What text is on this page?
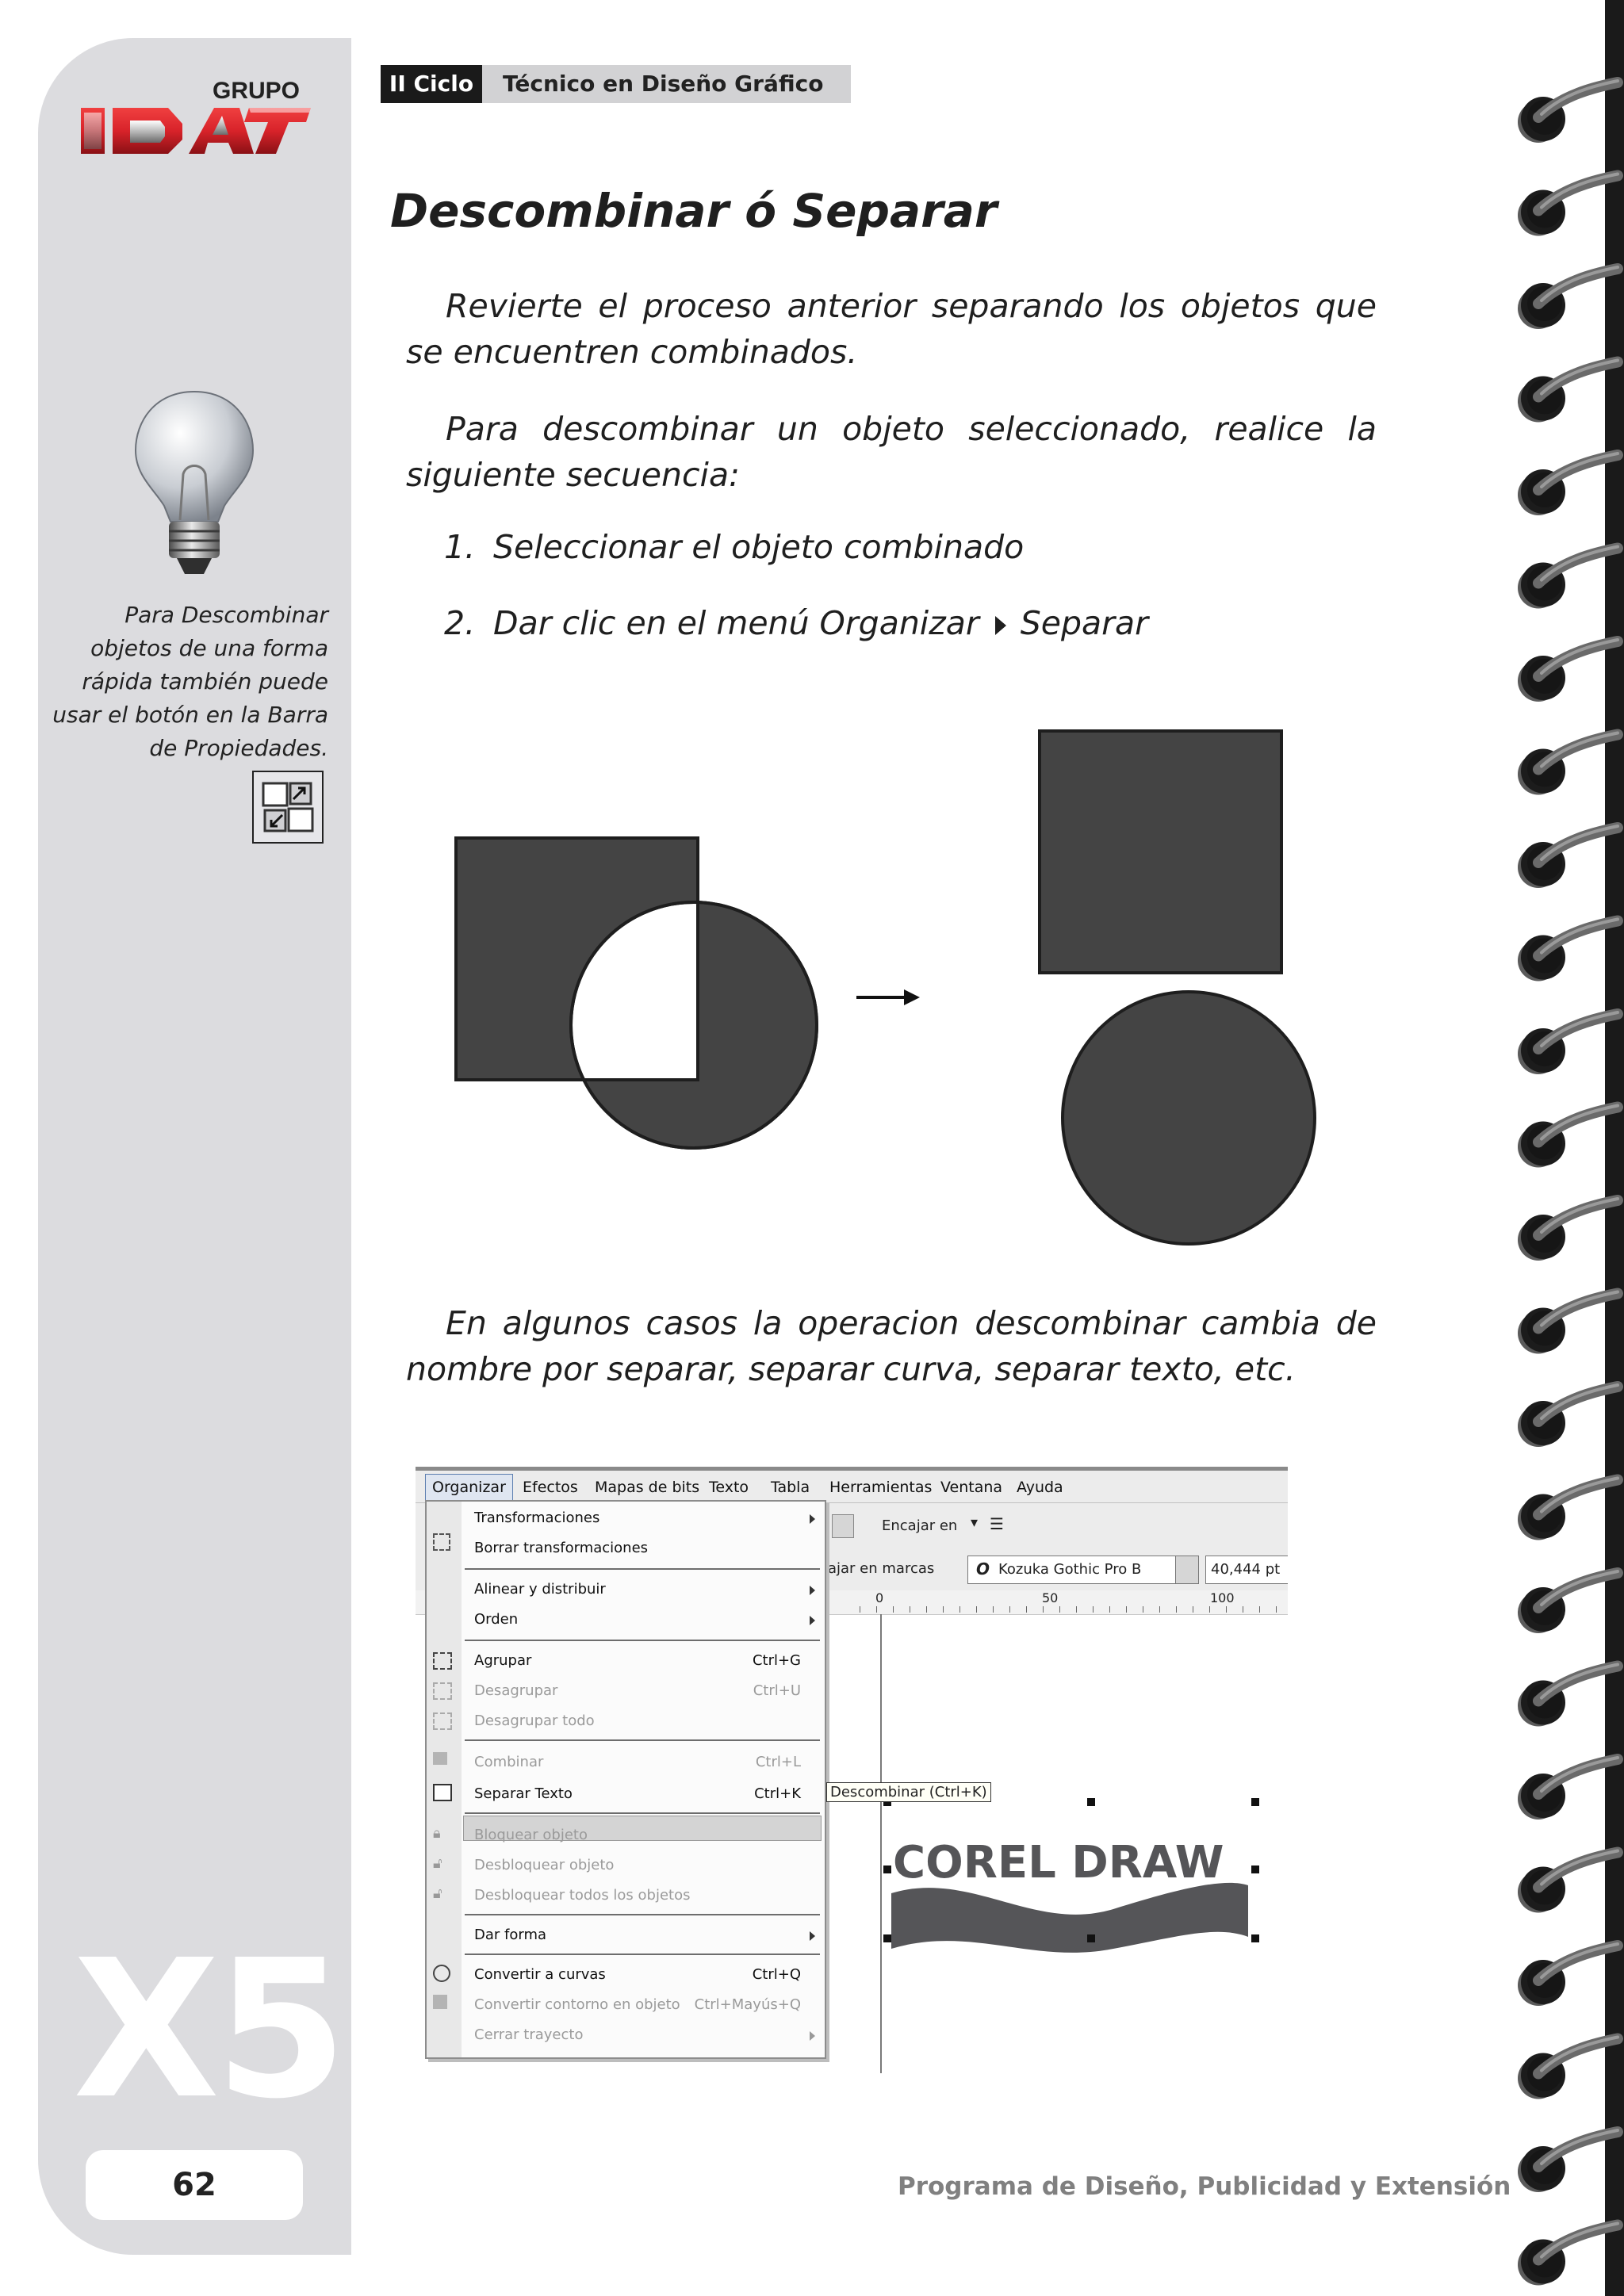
GRUPO
Para Descombinar objetos de una forma rápida también puede usar el botón en la Barra de Propiedades.
X5
62
II Ciclo	Técnico en Diseño Gráfico
Descombinar ó Separar
Revierte el proceso anterior separando los objetos que se encuentren combinados.
Para descombinar un objeto seleccionado, realice la siguiente secuencia:
1. Seleccionar el objeto combinado
2. Dar clic en el menú Organizar Separar
En algunos casos la operacion descombinar cambia de nombre por separar, separar curva, separar texto, etc.
Organizar	Efectos Mapas de bits Texto Tabla Herramientas Ventana Ayuda
Encajar en ▾ ☰
ajar en marcas	O Kozuka Gothic Pro B	40,444 pt
0	50	100
COREL DRAW
Transformaciones
Borrar transformaciones
Alinear y distribuir
Orden
Agrupar	Ctrl+G
Desagrupar	Ctrl+U
Desagrupar todo
Combinar	Ctrl+L
Separar Texto	Ctrl+K
🔒︎	Bloquear objeto
🔓︎	Desbloquear objeto
🔓︎	Desbloquear todos los objetos
Dar forma
Convertir a curvas	Ctrl+Q
Convertir contorno en objeto Ctrl+Mayús+Q
Cerrar trayecto
Descombinar (Ctrl+K)
Programa de Diseño, Publicidad y Extensión
